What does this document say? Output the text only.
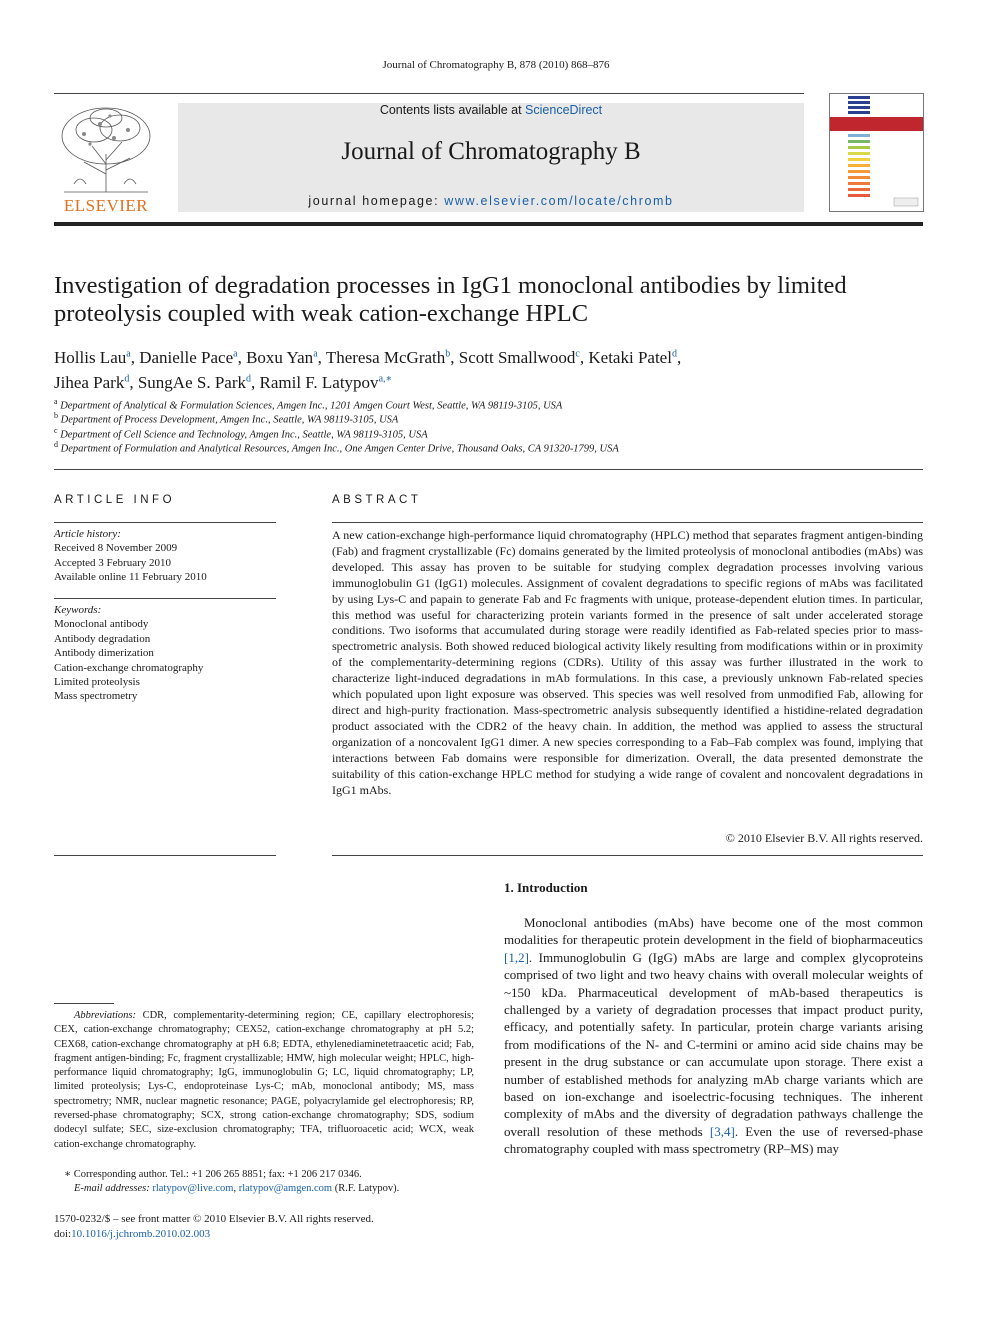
Journal of Chromatography B, 878 (2010) 868–876
ELSEVIER
Contents lists available at ScienceDirect
Journal of Chromatography B
journal homepage: www.elsevier.com/locate/chromb
Investigation of degradation processes in IgG1 monoclonal antibodies by limited proteolysis coupled with weak cation-exchange HPLC
Hollis Lau$^a$, Danielle Pace$^a$, Boxu Yan$^a$, Theresa McGrath$^b$, Scott Smallwood$^c$, Ketaki Patel$^d$,
Jihea Park$^d$, SungAe S. Park$^d$, Ramil F. Latypov$^{a,∗}$
$^a$ Department of Analytical & Formulation Sciences, Amgen Inc., 1201 Amgen Court West, Seattle, WA 98119-3105, USA
$^b$ Department of Process Development, Amgen Inc., Seattle, WA 98119-3105, USA
$^c$ Department of Cell Science and Technology, Amgen Inc., Seattle, WA 98119-3105, USA
$^d$ Department of Formulation and Analytical Resources, Amgen Inc., One Amgen Center Drive, Thousand Oaks, CA 91320-1799, USA
ARTICLE INFO
Article history:
Received 8 November 2009
Accepted 3 February 2010
Available online 11 February 2010
Keywords:
Monoclonal antibody
Antibody degradation
Antibody dimerization
Cation-exchange chromatography
Limited proteolysis
Mass spectrometry
ABSTRACT
A new cation-exchange high-performance liquid chromatography (HPLC) method that separates fragment antigen-binding (Fab) and fragment crystallizable (Fc) domains generated by the limited proteolysis of monoclonal antibodies (mAbs) was developed. This assay has proven to be suitable for studying complex degradation processes involving various immunoglobulin G1 (IgG1) molecules. Assignment of covalent degradations to specific regions of mAbs was facilitated by using Lys-C and papain to generate Fab and Fc fragments with unique, protease-dependent elution times. In particular, this method was useful for characterizing protein variants formed in the presence of salt under accelerated storage conditions. Two isoforms that accumulated during storage were readily identified as Fab-related species prior to mass-spectrometric analysis. Both showed reduced biological activity likely resulting from modifications within or in proximity of the complementarity-determining regions (CDRs). Utility of this assay was further illustrated in the work to characterize light-induced degradations in mAb formulations. In this case, a previously unknown Fab-related species which populated upon light exposure was observed. This species was well resolved from unmodified Fab, allowing for direct and high-purity fractionation. Mass-spectrometric analysis subsequently identified a histidine-related degradation product associated with the CDR2 of the heavy chain. In addition, the method was applied to assess the structural organization of a noncovalent IgG1 dimer. A new species corresponding to a Fab–Fab complex was found, implying that interactions between Fab domains were responsible for dimerization. Overall, the data presented demonstrate the suitability of this cation-exchange HPLC method for studying a wide range of covalent and noncovalent degradations in IgG1 mAbs.
© 2010 Elsevier B.V. All rights reserved.
1. Introduction
Monoclonal antibodies (mAbs) have become one of the most common modalities for therapeutic protein development in the field of biopharmaceutics [1,2]. Immunoglobulin G (IgG) mAbs are large and complex glycoproteins comprised of two light and two heavy chains with overall molecular weights of ~150 kDa. Pharmaceutical development of mAb-based therapeutics is challenged by a variety of degradation processes that impact product purity, efficacy, and potentially safety. In particular, protein charge variants arising from modifications of the N- and C-termini or amino acid side chains may be present in the drug substance or can accumulate upon storage. There exist a number of established methods for analyzing mAb charge variants which are based on ion-exchange and isoelectric-focusing techniques. The inherent complexity of mAbs and the diversity of degradation pathways challenge the overall resolution of these methods [3,4]. Even the use of reversed-phase chromatography coupled with mass spectrometry (RP–MS) may
Abbreviations: CDR, complementarity-determining region; CE, capillary electrophoresis; CEX, cation-exchange chromatography; CEX52, cation-exchange chromatography at pH 5.2; CEX68, cation-exchange chromatography at pH 6.8; EDTA, ethylenediaminetetraacetic acid; Fab, fragment antigen-binding; Fc, fragment crystallizable; HMW, high molecular weight; HPLC, high-performance liquid chromatography; IgG, immunoglobulin G; LC, liquid chromatography; LP, limited proteolysis; Lys-C, endoproteinase Lys-C; mAb, monoclonal antibody; MS, mass spectrometry; NMR, nuclear magnetic resonance; PAGE, polyacrylamide gel electrophoresis; RP, reversed-phase chromatography; SCX, strong cation-exchange chromatography; SDS, sodium dodecyl sulfate; SEC, size-exclusion chromatography; TFA, trifluoroacetic acid; WCX, weak cation-exchange chromatography.
∗ Corresponding author. Tel.: +1 206 265 8851; fax: +1 206 217 0346.
E-mail addresses: rlatypov@live.com, rlatypov@amgen.com (R.F. Latypov).
1570-0232/$ – see front matter © 2010 Elsevier B.V. All rights reserved.
doi:10.1016/j.jchromb.2010.02.003
